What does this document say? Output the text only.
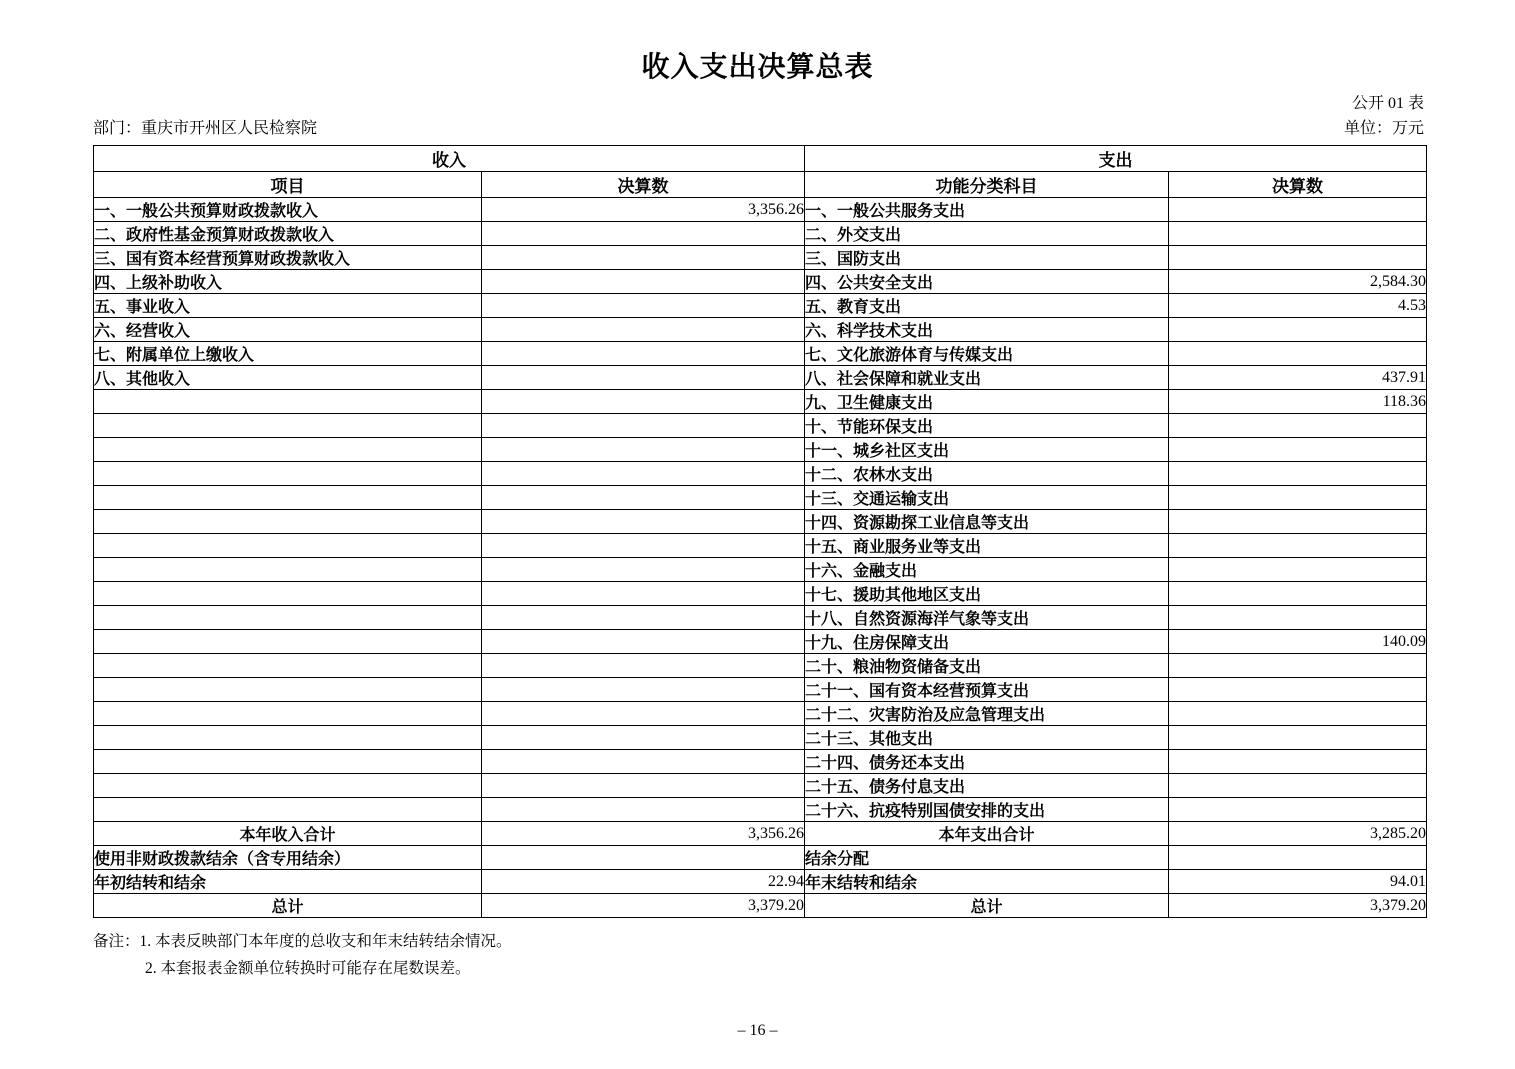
收入支出决算总表
公开 01 表
部门：重庆市开州区人民检察院	单位：万元
收入		支出	
项目	决算数	功能分类科目	决算数
一、一般公共预算财政拨款收入	3,356.26	一、一般公共服务支出	
二、政府性基金预算财政拨款收入		二、外交支出	
三、国有资本经营预算财政拨款收入		三、国防支出	
四、上级补助收入		四、公共安全支出	2,584.30
五、事业收入		五、教育支出	4.53
六、经营收入		六、科学技术支出	
七、附属单位上缴收入		七、文化旅游体育与传媒支出	
八、其他收入		八、社会保障和就业支出	437.91
		九、卫生健康支出	118.36
		十、节能环保支出	
		十一、城乡社区支出	
		十二、农林水支出	
		十三、交通运输支出	
		十四、资源勘探工业信息等支出	
		十五、商业服务业等支出	
		十六、金融支出	
		十七、援助其他地区支出	
		十八、自然资源海洋气象等支出	
		十九、住房保障支出	140.09
		二十、粮油物资储备支出	
		二十一、国有资本经营预算支出	
		二十二、灾害防治及应急管理支出	
		二十三、其他支出	
		二十四、债务还本支出	
		二十五、债务付息支出	
		二十六、抗疫特别国债安排的支出	
本年收入合计	3,356.26	本年支出合计	3,285.20
使用非财政拨款结余（含专用结余）		结余分配	
年初结转和结余	22.94	年末结转和结余	94.01
总计	3,379.20	总计	3,379.20
备注：1. 本表反映部门本年度的总收支和年末结转结余情况。
2. 本套报表金额单位转换时可能存在尾数误差。
– 16 –
